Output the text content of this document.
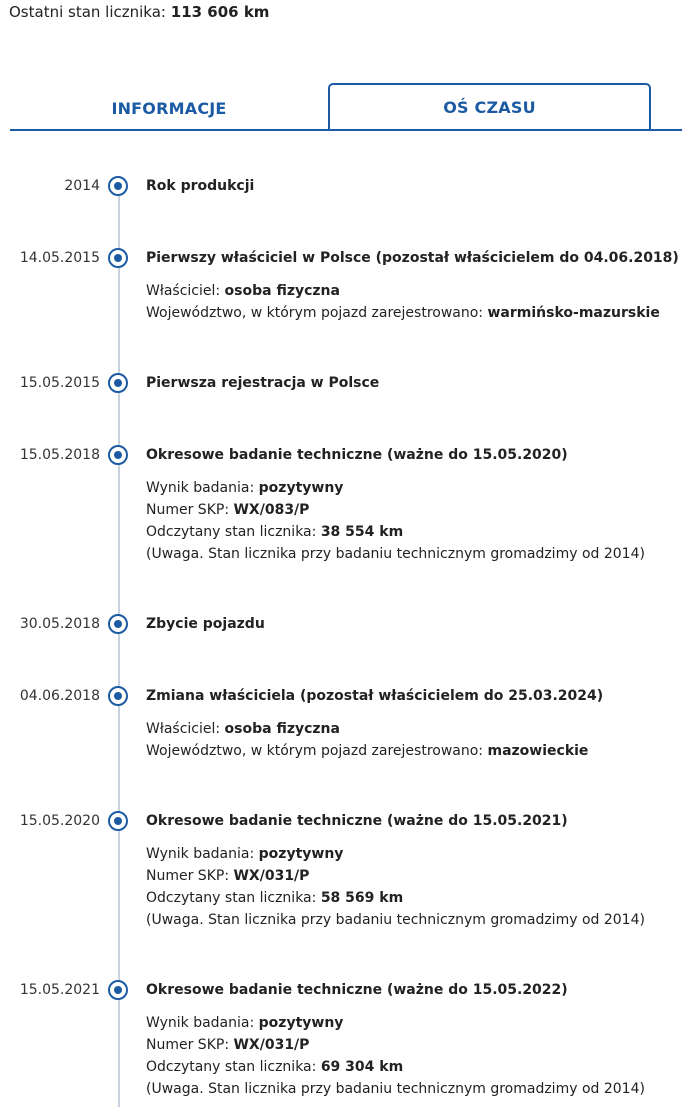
Ostatni stan licznika: 113 606 km
INFORMACJE	OŚ CZASU
2014	Rok produkcji
14.05.2015	Pierwszy właściciel w Polsce (pozostał właścicielem do 04.06.2018)
Właściciel: osoba fizyczna
Województwo, w którym pojazd zarejestrowano: warmińsko-mazurskie
15.05.2015	Pierwsza rejestracja w Polsce
15.05.2018	Okresowe badanie techniczne (ważne do 15.05.2020)
Wynik badania: pozytywny
Numer SKP: WX/083/P
Odczytany stan licznika: 38 554 km
(Uwaga. Stan licznika przy badaniu technicznym gromadzimy od 2014)
30.05.2018	Zbycie pojazdu
04.06.2018	Zmiana właściciela (pozostał właścicielem do 25.03.2024)
Właściciel: osoba fizyczna
Województwo, w którym pojazd zarejestrowano: mazowieckie
15.05.2020	Okresowe badanie techniczne (ważne do 15.05.2021)
Wynik badania: pozytywny
Numer SKP: WX/031/P
Odczytany stan licznika: 58 569 km
(Uwaga. Stan licznika przy badaniu technicznym gromadzimy od 2014)
15.05.2021	Okresowe badanie techniczne (ważne do 15.05.2022)
Wynik badania: pozytywny
Numer SKP: WX/031/P
Odczytany stan licznika: 69 304 km
(Uwaga. Stan licznika przy badaniu technicznym gromadzimy od 2014)
